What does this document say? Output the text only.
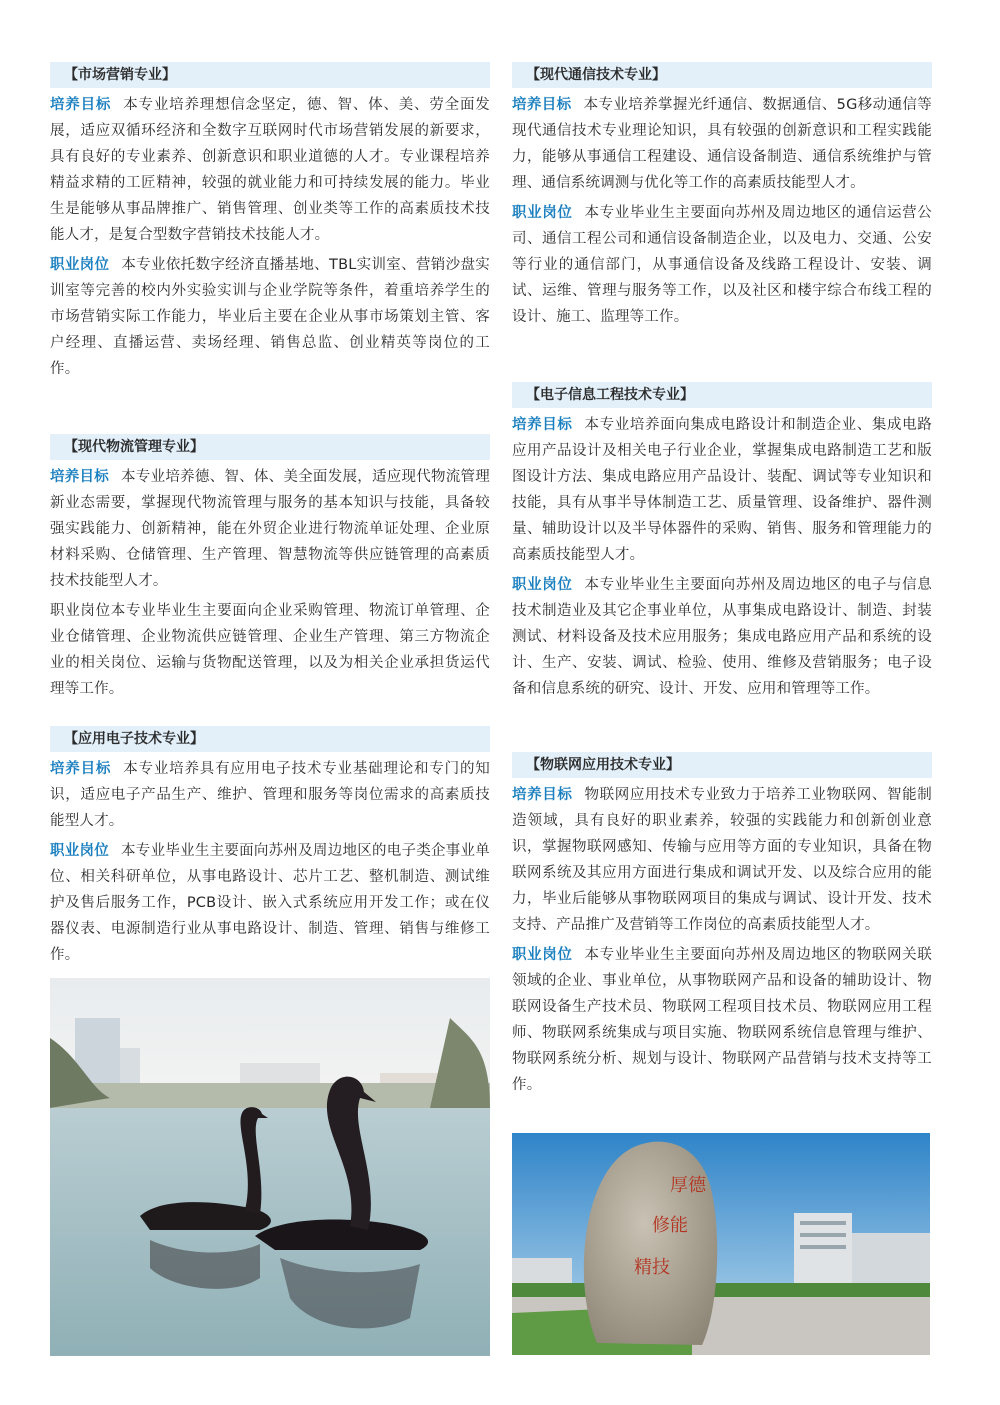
【市场营销专业】

培养目标 本专业培养理想信念坚定，德、智、体、美、劳全面发展，适应双循环经济和全数字互联网时代市场营销发展的新要求，具有良好的专业素养、创新意识和职业道德的人才。专业课程培养精益求精的工匠精神，较强的就业能力和可持续发展的能力。毕业生是能够从事品牌推广、销售管理、创业类等工作的高素质技术技能人才，是复合型数字营销技术技能人才。

职业岗位 本专业依托数字经济直播基地、TBL实训室、营销沙盘实训室等完善的校内外实验实训与企业学院等条件，着重培养学生的市场营销实际工作能力，毕业后主要在企业从事市场策划主管、客户经理、直播运营、卖场经理、销售总监、创业精英等岗位的工作。

【现代物流管理专业】

培养目标 本专业培养德、智、体、美全面发展，适应现代物流管理新业态需要，掌握现代物流管理与服务的基本知识与技能，具备较强实践能力、创新精神，能在外贸企业进行物流单证处理、企业原材料采购、仓储管理、生产管理、智慧物流等供应链管理的高素质技术技能型人才。

职业岗位本专业毕业生主要面向企业采购管理、物流订单管理、企业仓储管理、企业物流供应链管理、企业生产管理、第三方物流企业的相关岗位、运输与货物配送管理，以及为相关企业承担货运代理等工作。

【应用电子技术专业】

培养目标 本专业培养具有应用电子技术专业基础理论和专门的知识，适应电子产品生产、维护、管理和服务等岗位需求的高素质技能型人才。

职业岗位 本专业毕业生主要面向苏州及周边地区的电子类企事业单位、相关科研单位，从事电路设计、芯片工艺、整机制造、测试维护及售后服务工作，PCB设计、嵌入式系统应用开发工作；或在仪器仪表、电源制造行业从事电路设计、制造、管理、销售与维修工作。

【现代通信技术专业】

培养目标 本专业培养掌握光纤通信、数据通信、5G移动通信等现代通信技术专业理论知识，具有较强的创新意识和工程实践能力，能够从事通信工程建设、通信设备制造、通信系统维护与管理、通信系统调测与优化等工作的高素质技能型人才。

职业岗位 本专业毕业生主要面向苏州及周边地区的通信运营公司、通信工程公司和通信设备制造企业，以及电力、交通、公安等行业的通信部门，从事通信设备及线路工程设计、安装、调试、运维、管理与服务等工作，以及社区和楼宇综合布线工程的设计、施工、监理等工作。

【电子信息工程技术专业】

培养目标 本专业培养面向集成电路设计和制造企业、集成电路应用产品设计及相关电子行业企业，掌握集成电路制造工艺和版图设计方法、集成电路应用产品设计、装配、调试等专业知识和技能，具有从事半导体制造工艺、质量管理、设备维护、器件测量、辅助设计以及半导体器件的采购、销售、服务和管理能力的高素质技能型人才。

职业岗位 本专业毕业生主要面向苏州及周边地区的电子与信息技术制造业及其它企事业单位，从事集成电路设计、制造、封装测试、材料设备及技术应用服务；集成电路应用产品和系统的设计、生产、安装、调试、检验、使用、维修及营销服务；电子设备和信息系统的研究、设计、开发、应用和管理等工作。

【物联网应用技术专业】

培养目标 物联网应用技术专业致力于培养工业物联网、智能制造领域，具有良好的职业素养，较强的实践能力和创新创业意识，掌握物联网感知、传输与应用等方面的专业知识，具备在物联网系统及其应用方面进行集成和调试开发、以及综合应用的能力，毕业后能够从事物联网项目的集成与调试、设计开发、技术支持、产品推广及营销等工作岗位的高素质技能型人才。

职业岗位 本专业毕业生主要面向苏州及周边地区的物联网关联领域的企业、事业单位，从事物联网产品和设备的辅助设计、物联网设备生产技术员、物联网工程项目技术员、物联网应用工程师、物联网系统集成与项目实施、物联网系统信息管理与维护、物联网系统分析、规划与设计、物联网产品营销与技术支持等工作。

厚德
修能
精技
